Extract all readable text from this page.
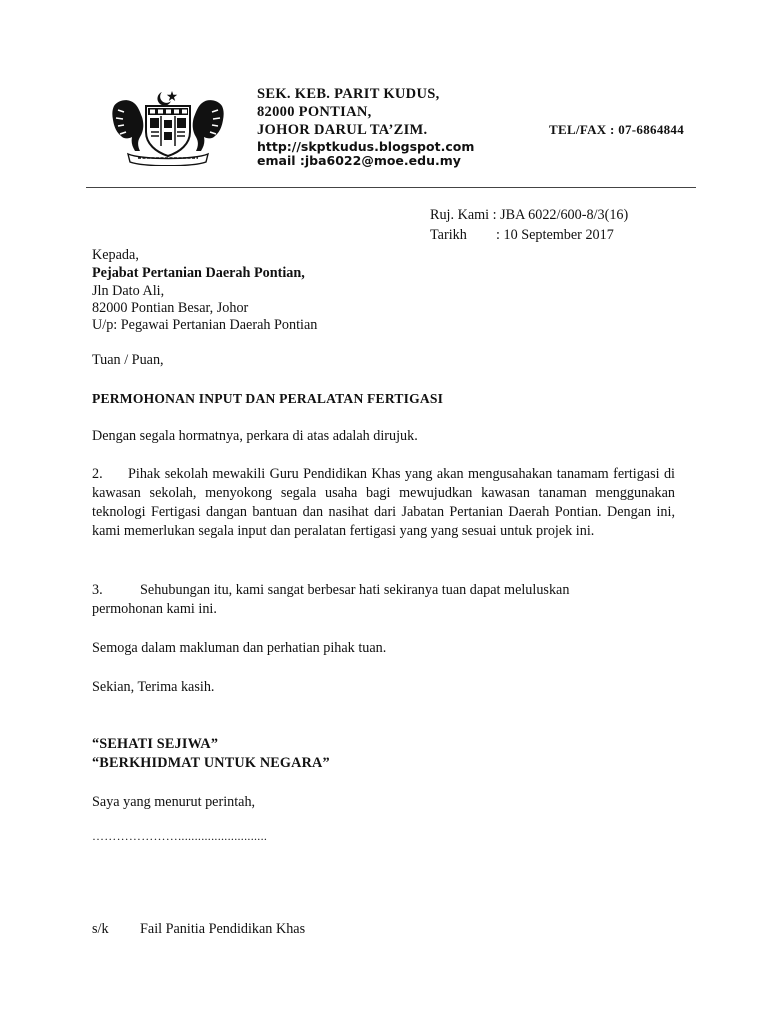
SEK. KEB. PARIT KUDUS,
82000 PONTIAN,
JOHOR DARUL TA’ZIM.	TEL/FAX : 07-6864844
http://skptkudus.blogspot.com
email :jba6022@moe.edu.my
Ruj. Kami : JBA 6022/600-8/3(16)
Tarikh : 10 September 2017
Kepada,
Pejabat Pertanian Daerah Pontian,
Jln Dato Ali,
82000 Pontian Besar, Johor
U/p: Pegawai Pertanian Daerah Pontian
Tuan / Puan,
PERMOHONAN INPUT DAN PERALATAN FERTIGASI
Dengan segala hormatnya, perkara di atas adalah dirujuk.
2.	Pihak sekolah mewakili Guru Pendidikan Khas yang akan mengusahakan tanamam fertigasi di kawasan sekolah, menyokong segala usaha bagi mewujudkan kawasan tanaman menggunakan teknologi Fertigasi dangan bantuan dan nasihat dari Jabatan Pertanian Daerah Pontian. Dengan ini, kami memerlukan segala input dan peralatan fertigasi yang yang sesuai untuk projek ini.
3.	Sehubungan itu, kami sangat berbesar hati sekiranya tuan dapat meluluskan
permohonan kami ini.
Semoga dalam makluman dan perhatian pihak tuan.
Sekian, Terima kasih.
“SEHATI SEJIWA”
“BERKHIDMAT UNTUK NEGARA”
Saya yang menurut perintah,
…………………...........................
s/k Fail Panitia Pendidikan Khas
